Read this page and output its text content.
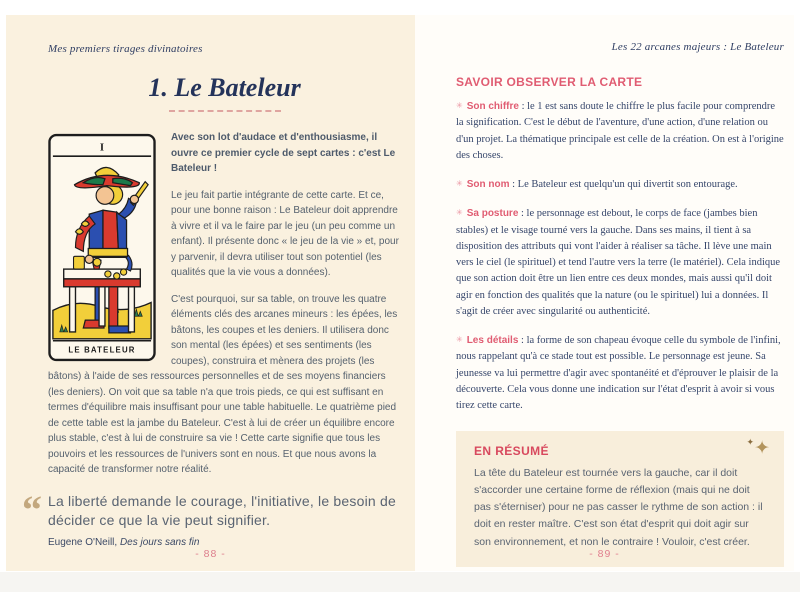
Mes premiers tirages divinatoires
1. Le Bateleur
I
LE BATELEUR

Avec son lot d'audace et d'enthousiasme, il ouvre ce premier cycle de sept cartes : c'est Le Bateleur !

Le jeu fait partie intégrante de cette carte. Et ce, pour une bonne raison : Le Bateleur doit apprendre à vivre et il va le faire par le jeu (un peu comme un enfant). Il présente donc « le jeu de la vie » et, pour y parvenir, il devra utiliser tout son potentiel (les qualités que la vie vous a données).

C'est pourquoi, sur sa table, on trouve les quatre éléments clés des arcanes mineurs : les épées, les bâtons, les coupes et les deniers. Il utilisera donc son mental (les épées) et ses sentiments (les coupes), construira et mènera des projets (les bâtons) à l'aide de ses ressources personnelles et de ses moyens financiers (les deniers). On voit que sa table n'a que trois pieds, ce qui est suffisant en termes d'équilibre mais insuffisant pour une table habituelle. Le quatrième pied de cette table est la jambe du Bateleur. C'est à lui de créer un équilibre encore plus stable, c'est à lui de construire sa vie ! Cette carte signifie que tous les pouvoirs et les ressources de l'univers sont en nous. Et que nous avons la capacité de transformer notre réalité.

“ La liberté demande le courage, l'initiative, le besoin de décider ce que la vie peut signifier.
Eugene O'Neill, Des jours sans fin
- 88 -
Les 22 arcanes majeurs : Le Bateleur
SAVOIR OBSERVER LA CARTE

✳ Son chiffre : le 1 est sans doute le chiffre le plus facile pour comprendre la signification. C'est le début de l'aventure, d'une action, d'une relation ou d'un projet. La thématique principale est celle de la création. On est à l'origine des choses.

✳ Son nom : Le Bateleur est quelqu'un qui divertit son entourage.

✳ Sa posture : le personnage est debout, le corps de face (jambes bien stables) et le visage tourné vers la gauche. Dans ses mains, il tient à sa disposition des attributs qui vont l'aider à réaliser sa tâche. Il lève une main vers le ciel (le spirituel) et tend l'autre vers la terre (le matériel). Cela indique que son action doit être un lien entre ces deux mondes, mais aussi qu'il doit agir en fonction des qualités que la nature (ou le spirituel) lui a données. Il s'agit de créer avec singularité ou authenticité.

✳ Les détails : la forme de son chapeau évoque celle du symbole de l'infini, nous rappelant qu'à ce stade tout est possible. Le personnage est jeune. Sa jeunesse va lui permettre d'agir avec spontanéité et d'éprouver le plaisir de la découverte. Cela vous donne une indication sur l'état d'esprit à avoir si vous tirez cette carte.

✦ ✦
EN RÉSUMÉ
La tête du Bateleur est tournée vers la gauche, car il doit s'accorder une certaine forme de réflexion (mais qui ne doit pas s'éterniser) pour ne pas casser le rythme de son action : il doit en rester maître. C'est son état d'esprit qui doit agir sur son environnement, et non le contraire ! Vouloir, c'est créer.
- 89 -
